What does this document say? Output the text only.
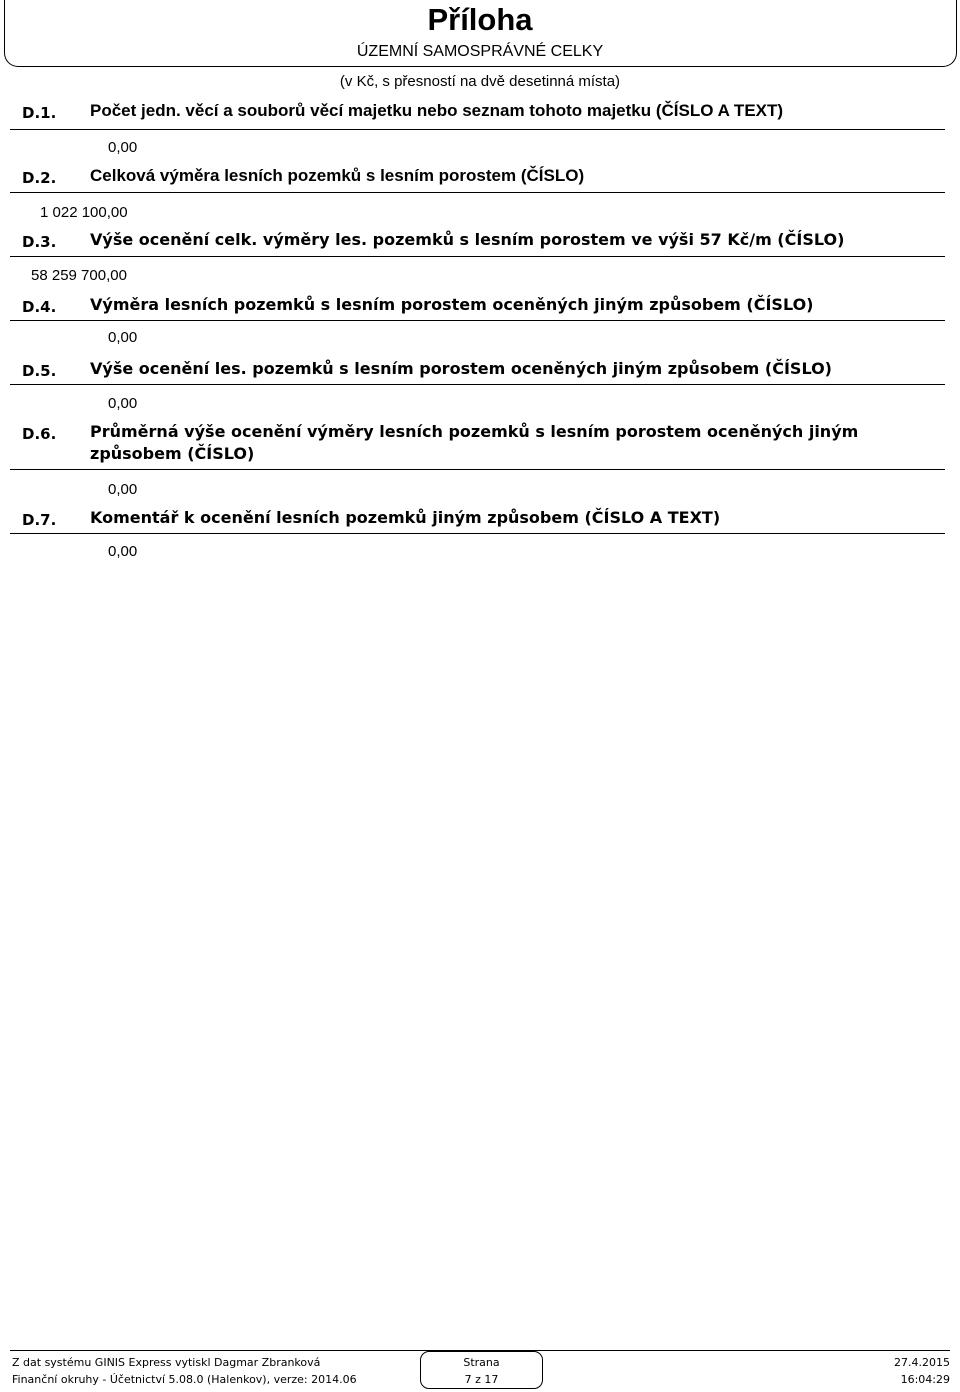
Příloha
ÚZEMNÍ SAMOSPRÁVNÉ CELKY
(v Kč, s přesností na dvě desetinná místa)
D.1. Počet jedn. věcí a souborů věcí majetku nebo seznam tohoto majetku (ČÍSLO A TEXT)
0,00
D.2. Celková výměra lesních pozemků s lesním porostem (ČÍSLO)
1 022 100,00
D.3. Výše ocenění celk. výměry les. pozemků s lesním porostem ve výši 57 Kč/m (ČÍSLO)
58 259 700,00
D.4. Výměra lesních pozemků s lesním porostem oceněných jiným způsobem (ČÍSLO)
0,00
D.5. Výše ocenění les. pozemků s lesním porostem oceněných jiným způsobem (ČÍSLO)
0,00
D.6. Průměrná výše ocenění výměry lesních pozemků s lesním porostem oceněných jiným
způsobem (ČÍSLO)
0,00
D.7. Komentář k ocenění lesních pozemků jiným způsobem (ČÍSLO A TEXT)
0,00
Z dat systému GINIS Express vytiskl Dagmar Zbranková
Finanční okruhy - Účetnictví 5.08.0 (Halenkov), verze: 2014.06
Strana
7 z 17
27.4.2015
16:04:29
